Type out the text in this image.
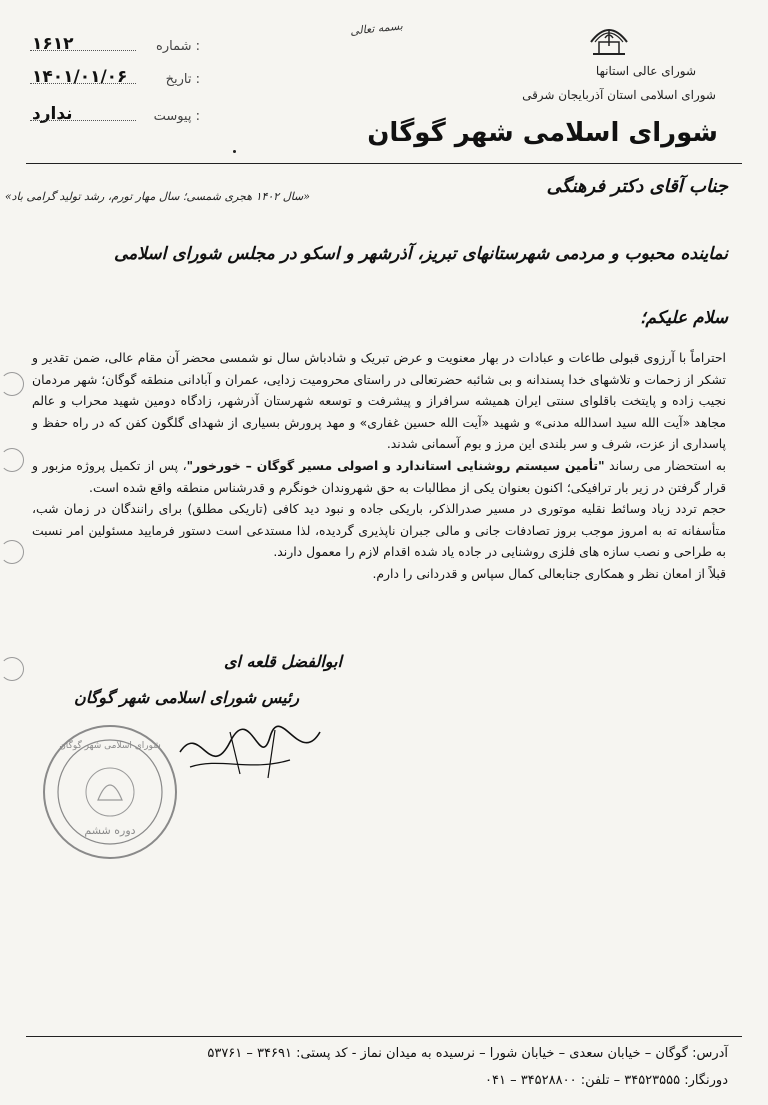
۱۶۱۲	: شماره
۱۴۰۱/۰۱/۰۶	: تاریخ
ندارد	: پیوست
بسمه تعالی
شورای عالی استانها
شورای اسلامی استان آذربایجان شرقی
شورای اسلامی شهر گوگان
«سال ۱۴۰۲ هجری شمسی؛ سال مهار تورم، رشد تولید گرامی باد»	جناب آقای دکتر فرهنگی
نماینده محبوب و مردمی شهرستانهای تبریز، آذرشهر و اسکو در مجلس شورای اسلامی
سلام علیکم؛

احتراماً با آرزوی قبولی طاعات و عبادات در بهار معنویت و عرض تبریک و شادباش سال نو شمسی محضر آن مقام عالی، ضمن تقدیر و تشکر از زحمات و تلاشهای خدا پسندانه و بی شائبه حضرتعالی در راستای محرومیت زدایی، عمران و آبادانی منطقه گوگان؛ شهر مردمان نجیب زاده و پایتخت باقلوای سنتی ایران همیشه سرافراز و پیشرفت و توسعه شهرستان آذرشهر، زادگاه دومین شهید محراب و عالم مجاهد «آیت الله سید اسدالله مدنی» و شهید «آیت الله حسین غفاری» و مهد پرورش بسیاری از شهدای گلگون کفن که در راه حفظ و پاسداری از عزت، شرف و سر بلندی این مرز و بوم آسمانی شدند.

به استحضار می رساند "تأمین سیستم روشنایی استاندارد و اصولی مسیر گوگان – خورخور"، پس از تکمیل پروژه مزبور و قرار گرفتن در زیر بار ترافیکی؛ اکنون بعنوان یکی از مطالبات به حق شهروندان خونگرم و قدرشناس منطقه واقع شده است.

حجم تردد زیاد وسائط نقلیه موتوری در مسیر صدرالذکر، باریکی جاده و نبود دید کافی (تاریکی مطلق) برای رانندگان در زمان شب، متأسفانه ته به امروز موجب بروز تصادفات جانی و مالی جبران ناپذیری گردیده، لذا مستدعی است دستور فرمایید مسئولین امر نسبت به طراحی و نصب سازه های فلزی روشنایی در جاده یاد شده اقدام لازم را معمول دارند.

قبلاً از امعان نظر و همکاری جنابعالی کمال سپاس و قدردانی را دارم.

ابوالفضل قلعه ای
رئیس شورای اسلامی شهر گوگان
شورای اسلامی شهر گوگان
دوره ششم
آدرس: گوگان – خیابان سعدی – خیابان شورا – نرسیده به میدان نماز - کد پستی: ۳۴۶۹۱ – ۵۳۷۶۱
دورنگار: ۳۴۵۲۳۵۵۵ – تلفن: ۳۴۵۲۸۸۰۰ – ۰۴۱
